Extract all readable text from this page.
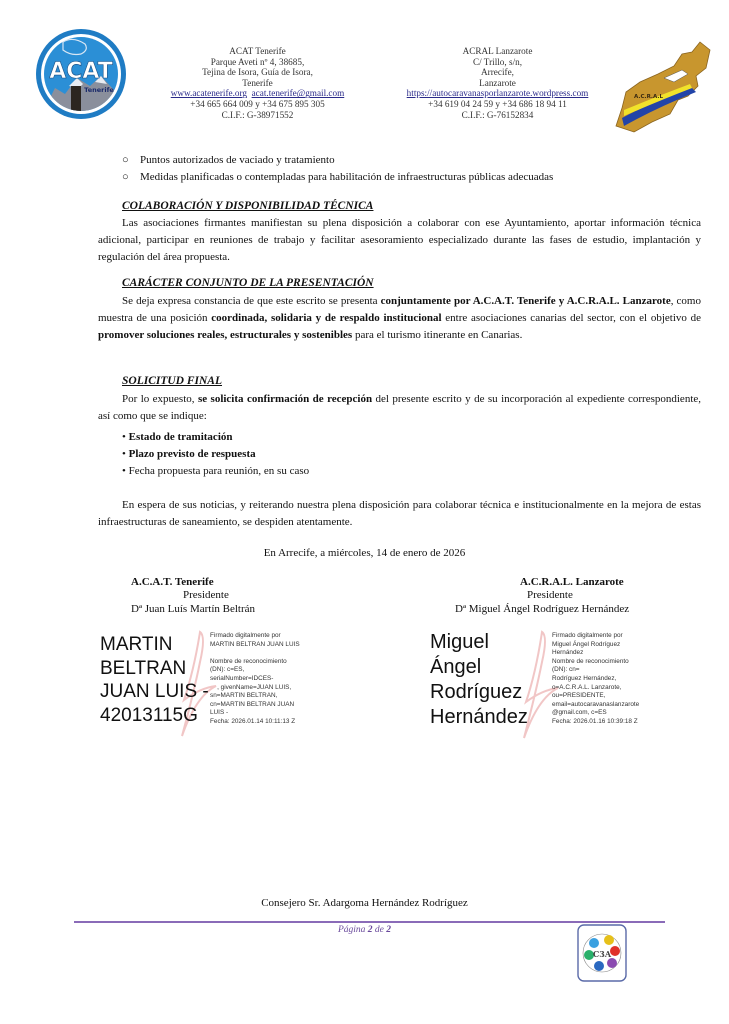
ACAT
Tenerife
ACAT Tenerife
Parque Aveti nº 4, 38685,
Tejina de Isora, Guía de Isora,
Tenerife
www.acatenerife.org acat.tenerife@gmail.com
+34 665 664 009 y +34 675 895 305
C.I.F.: G-38971552
ACRAL Lanzarote
C/ Trillo, s/n,
Arrecife,
Lanzarote
https://autocaravanasporlanzarote.wordpress.com
+34 619 04 24 59 y +34 686 18 94 11
C.I.F.: G-76152834
A.C.R.A.L
○ Puntos autorizados de vaciado y tratamiento
○ Medidas planificadas o contempladas para habilitación de infraestructuras públicas adecuadas
COLABORACIÓN Y DISPONIBILIDAD TÉCNICA
Las asociaciones firmantes manifiestan su plena disposición a colaborar con ese Ayuntamiento, aportar información técnica adicional, participar en reuniones de trabajo y facilitar asesoramiento especializado durante las fases de estudio, implantación y regulación del área propuesta.
CARÁCTER CONJUNTO DE LA PRESENTACIÓN
Se deja expresa constancia de que este escrito se presenta conjuntamente por A.C.A.T. Tenerife y A.C.R.A.L. Lanzarote, como muestra de una posición coordinada, solidaria y de respaldo institucional entre asociaciones canarias del sector, con el objetivo de promover soluciones reales, estructurales y sostenibles para el turismo itinerante en Canarias.
SOLICITUD FINAL
Por lo expuesto, se solicita confirmación de recepción del presente escrito y de su incorporación al expediente correspondiente, así como que se indique:
• Estado de tramitación
• Plazo previsto de respuesta
• Fecha propuesta para reunión, en su caso
En espera de sus noticias, y reiterando nuestra plena disposición para colaborar técnica e institucionalmente en la mejora de estas infraestructuras de saneamiento, se despiden atentamente.
En Arrecife, a miércoles, 14 de enero de 2026
A.C.A.T. Tenerife
Presidente
Dª Juan Luís Martín Beltrán
MARTIN
BELTRAN
JUAN LUIS -
42013115G
Firmado digitalmente por
MARTIN BELTRAN JUAN LUIS
Nombre de reconocimiento
(DN): c=ES,
serialNumber=IDCES-
, givenName=JUAN LUIS,
sn=MARTIN BELTRAN,
cn=MARTIN BELTRAN JUAN
LUIS -
Fecha: 2026.01.14 10:11:13 Z
A.C.R.A.L. Lanzarote
Presidente
Dª Miguel Ángel Rodríguez Hernández
Miguel
Ángel
Rodríguez
Hernández
Firmado digitalmente por
Miguel Ángel Rodríguez
Hernández
Nombre de reconocimiento
(DN): cn=
Rodríguez Hernández,
o=A.C.R.A.L. Lanzarote,
ou=PRESIDENTE,
email=autocaravanaslanzarote
@gmail.com, c=ES
Fecha: 2026.01.16 10:39:18 Z
Consejero Sr. Adargoma Hernández Rodríguez
Página 2 de 2
C3A
